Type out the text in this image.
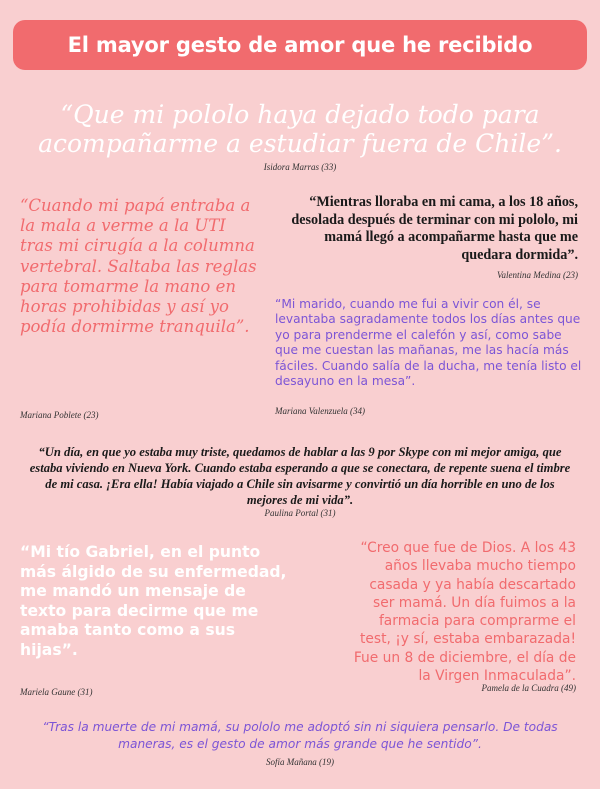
El mayor gesto de amor que he recibido

“Que mi pololo haya dejado todo para acompañarme a estudiar fuera de Chile”.

Isidora Marras (33)

“Cuando mi papá entraba a la mala a verme a la UTI tras mi cirugía a la columna vertebral. Saltaba las reglas para tomarme la mano en horas prohibidas y así yo podía dormirme tranquila”.

Mariana Poblete (23)

“Mientras lloraba en mi cama, a los 18 años, desolada después de terminar con mi pololo, mi mamá llegó a acompañarme hasta que me quedara dormida”.

Valentina Medina (23)

“Mi marido, cuando me fui a vivir con él, se levantaba sagradamente todos los días antes que yo para prenderme el calefón y así, como sabe que me cuestan las mañanas, me las hacía más fáciles. Cuando salía de la ducha, me tenía listo el desayuno en la mesa”.

Mariana Valenzuela (34)

“Un día, en que yo estaba muy triste, quedamos de hablar a las 9 por Skype con mi mejor amiga, que estaba viviendo en Nueva York. Cuando estaba esperando a que se conectara, de repente suena el timbre de mi casa. ¡Era ella! Había viajado a Chile sin avisarme y convirtió un día horrible en uno de los mejores de mi vida”.

Paulina Portal (31)

“Mi tío Gabriel, en el punto más álgido de su enfermedad, me mandó un mensaje de texto para decirme que me amaba tanto como a sus hijas”.

Mariela Gaune (31)

“Creo que fue de Dios. A los 43 años llevaba mucho tiempo casada y ya había descartado ser mamá. Un día fuimos a la farmacia para comprarme el test, ¡y sí, estaba embarazada! Fue un 8 de diciembre, el día de la Virgen Inmaculada”.

Pamela de la Cuadra (49)

“Tras la muerte de mi mamá, su pololo me adoptó sin ni siquiera pensarlo. De todas maneras, es el gesto de amor más grande que he sentido”.

Sofía Mañana (19)
